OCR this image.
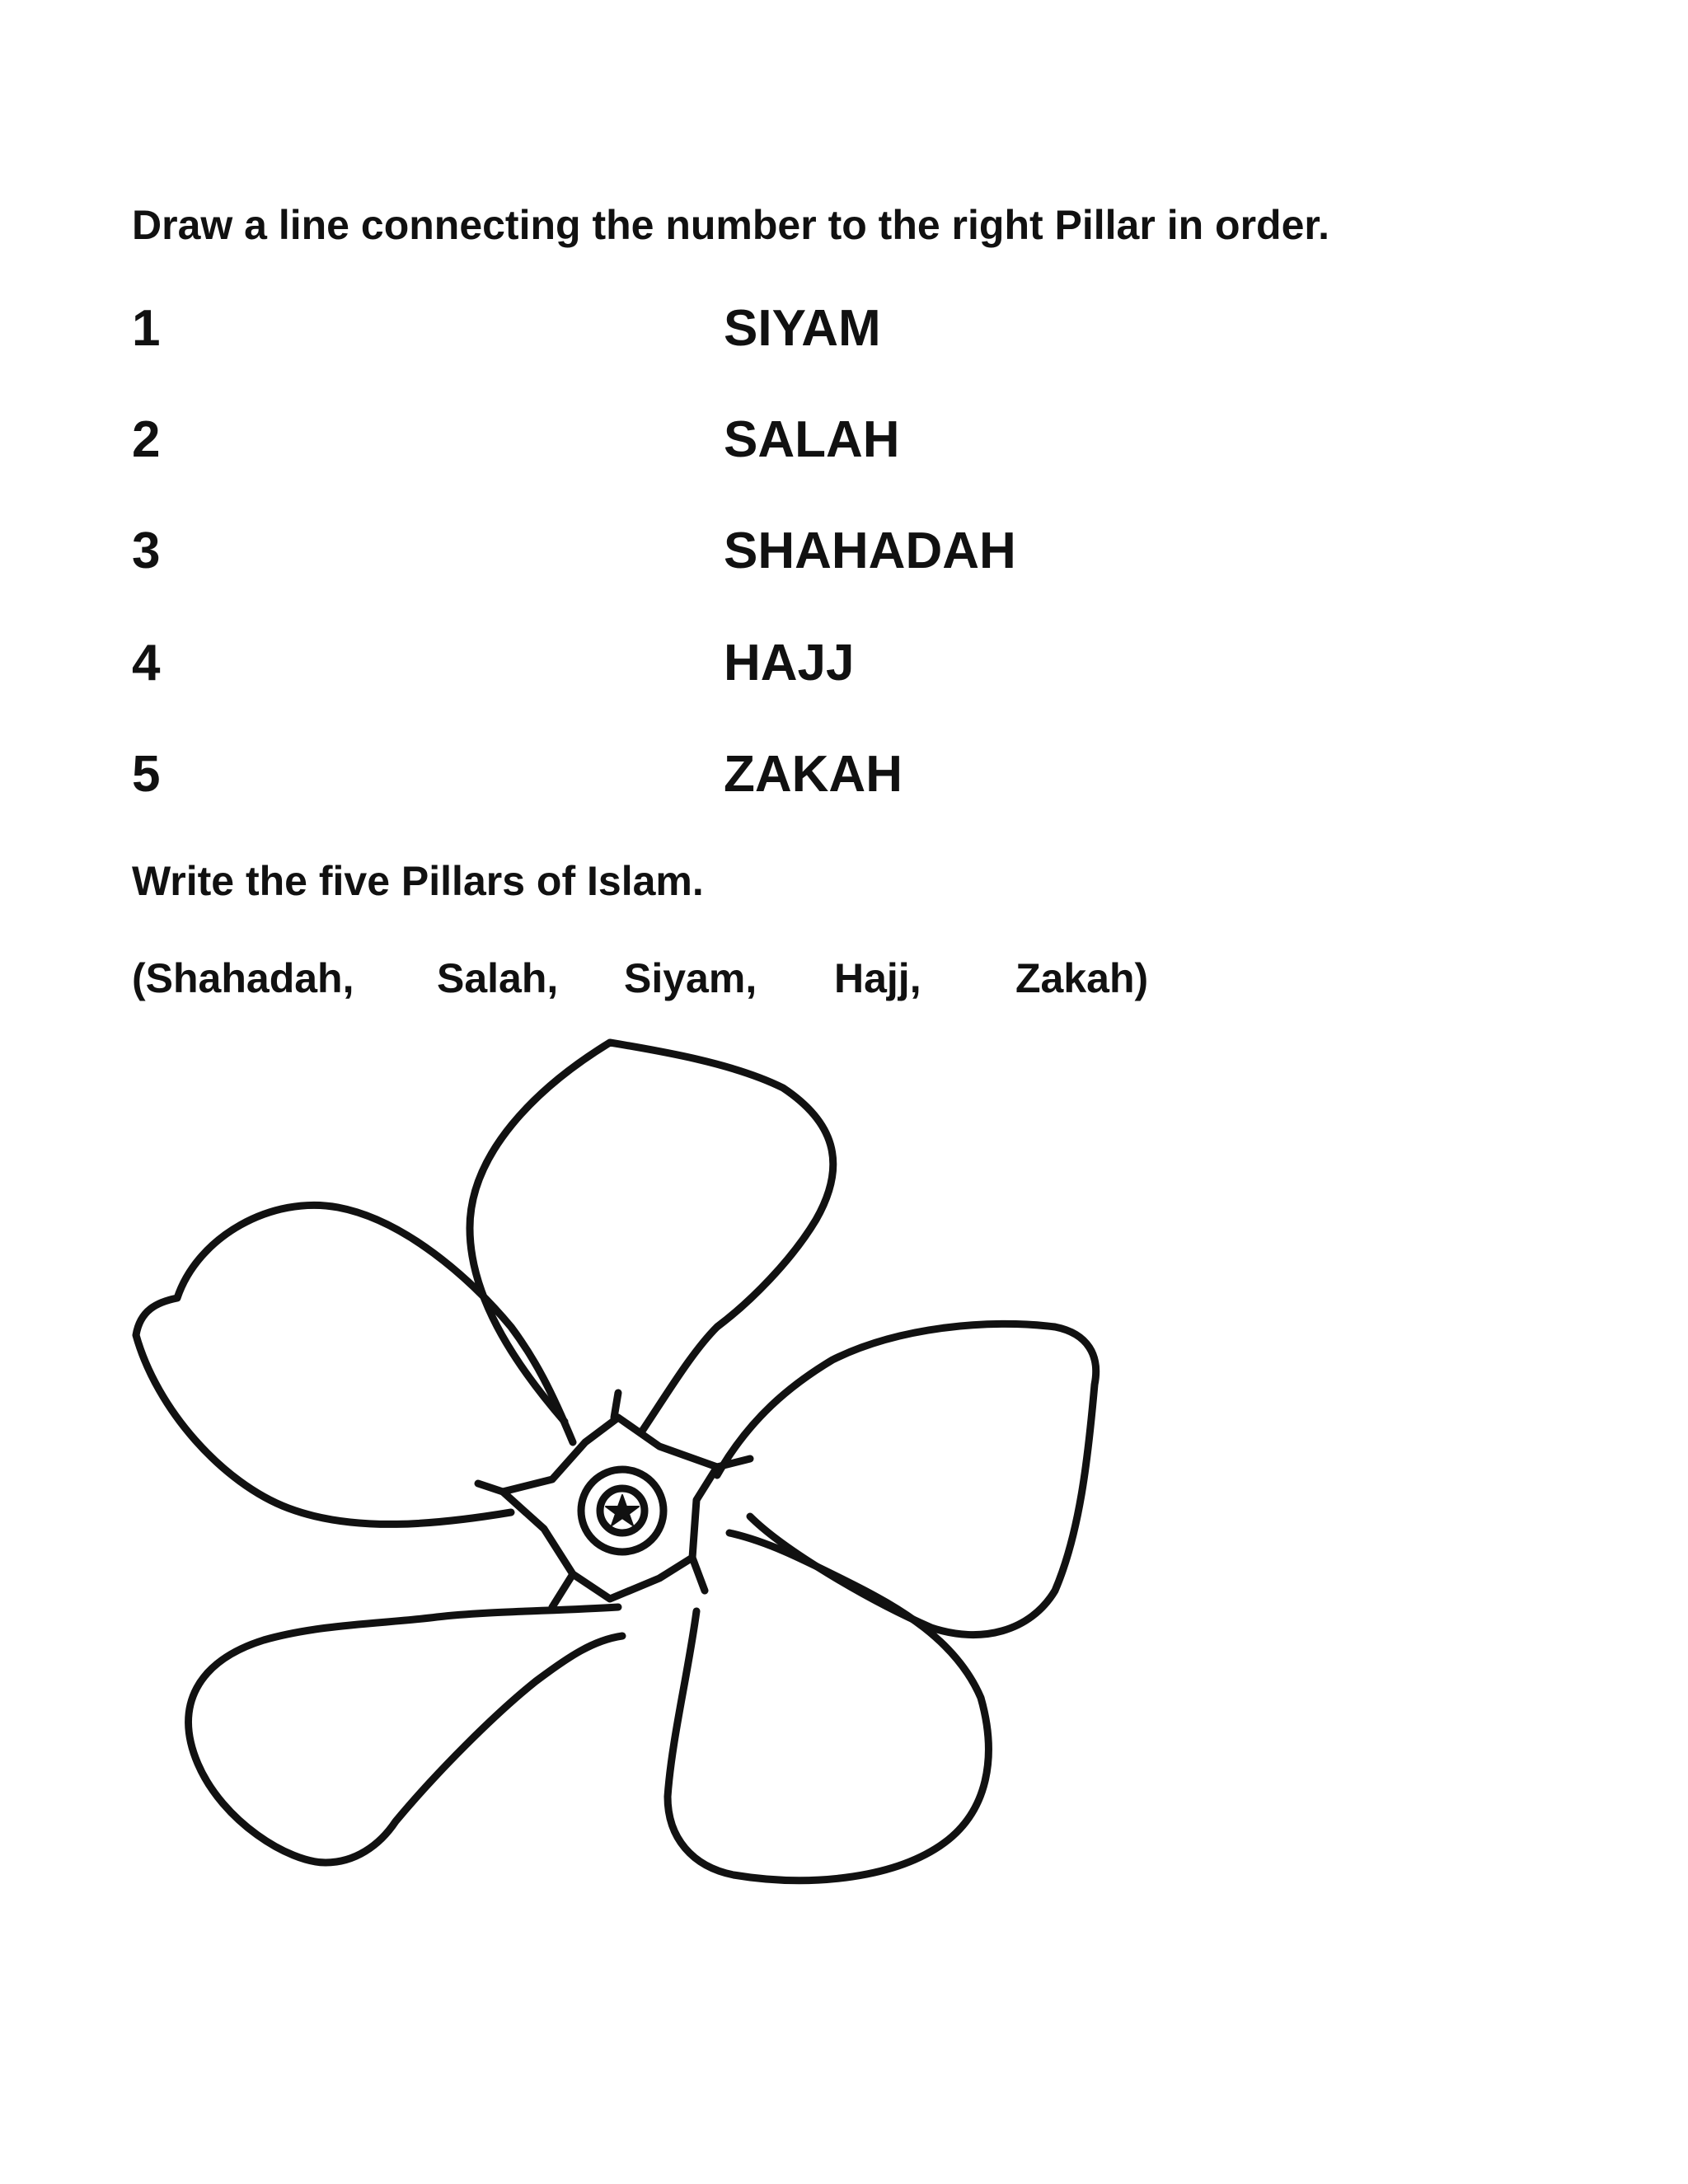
Draw a line connecting the number to the right Pillar in order.
1	SIYAM
2	SALAH
3	SHAHADAH
4	HAJJ
5	ZAKAH
Write the five Pillars of Islam.
(Shahadah, Salah, Siyam, Hajj, Zakah)
